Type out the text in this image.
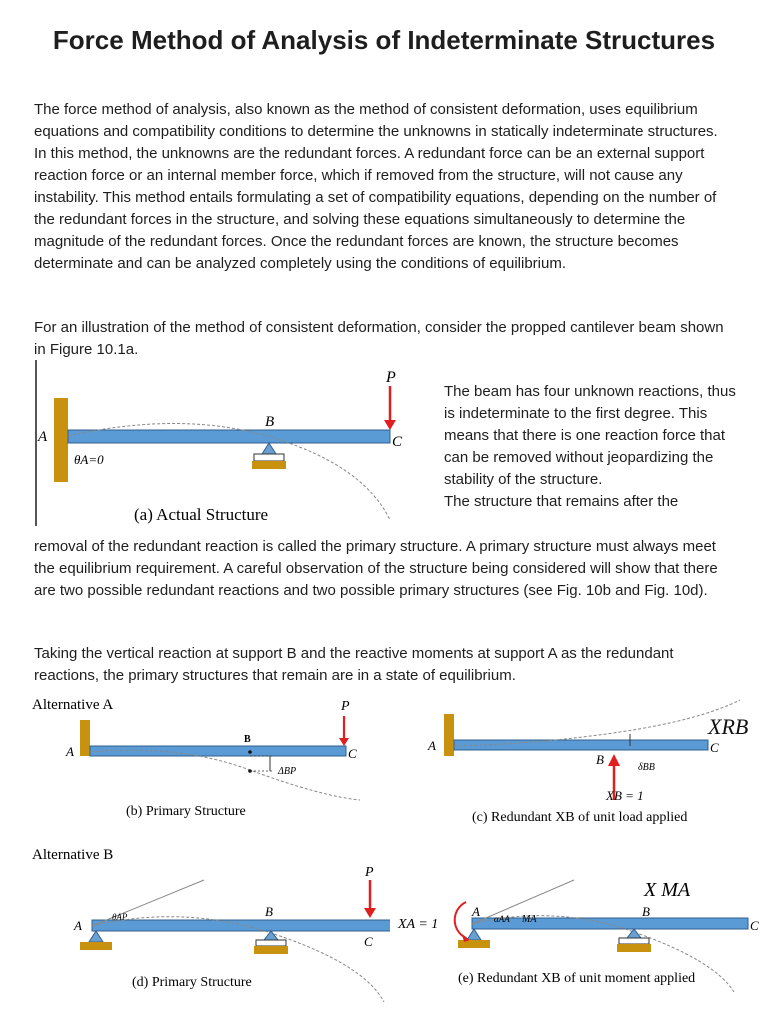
Force Method of Analysis of Indeterminate Structures

The force method of analysis, also known as the method of consistent deformation, uses equilibrium equations and compatibility conditions to determine the unknowns in statically indeterminate structures. In this method, the unknowns are the redundant forces. A redundant force can be an external support reaction force or an internal member force, which if removed from the structure, will not cause any instability. This method entails formulating a set of compatibility equations, depending on the number of the redundant forces in the structure, and solving these equations simultaneously to determine the magnitude of the redundant forces. Once the redundant forces are known, the structure becomes determinate and can be analyzed completely using the conditions of equilibrium.

For an illustration of the method of consistent deformation, consider the propped cantilever beam shown in Figure 10.1a.

P
A
B
C
θA=0
(a) Actual Structure

The beam has four unknown reactions, thus is indeterminate to the first degree. This means that there is one reaction force that can be removed without jeopardizing the stability of the structure.
The structure that remains after the

removal of the redundant reaction is called the primary structure. A primary structure must always meet the equilibrium requirement. A careful observation of the structure being considered will show that there are two possible redundant reactions and two possible primary structures (see Fig. 10b and Fig. 10d).

Taking the vertical reaction at support B and the reactive moments at support A as the redundant reactions, the primary structures that remain are in a state of equilibrium.

Alternative A	P
A
B
C
ΔBP
(b) Primary Structure
XRB
A
B
C
δBB
XB = 1
(c) Redundant XB of unit load applied
Alternative B
P
A
B
C
θAP
(d) Primary Structure
XA = 1
A	B
C
αAA MA
X MA
(e) Redundant XB of unit moment applied
